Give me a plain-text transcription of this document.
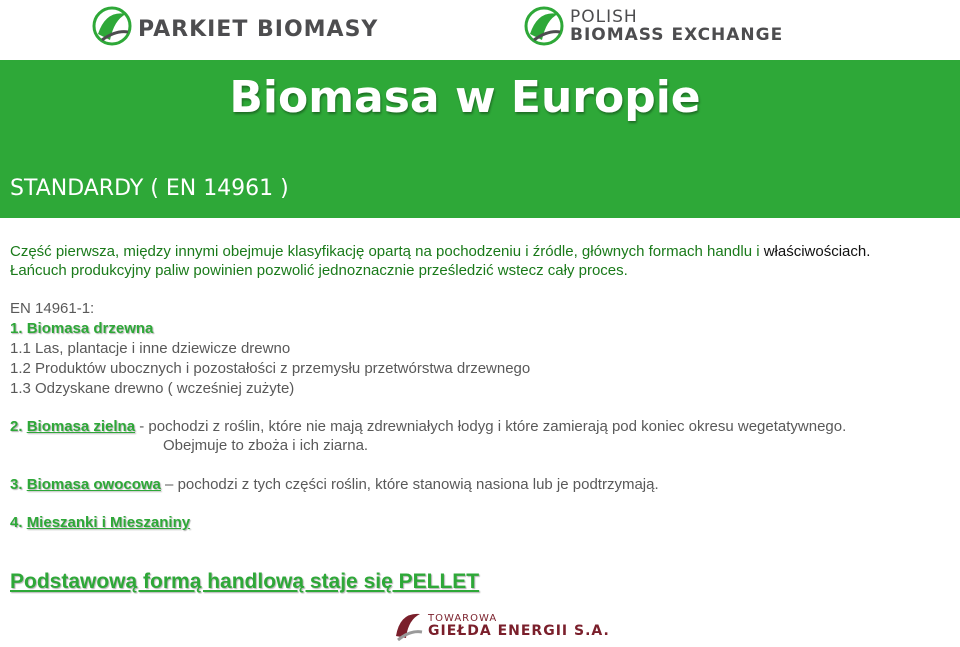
PARKIET BIOMASY	POLISH
BIOMASS EXCHANGE
Biomasa w Europie
STANDARDY ( EN 14961 )

Część pierwsza, między innymi obejmuje klasyfikację opartą na pochodzeniu i źródle, głównych formach handlu i właściwościach. Łańcuch produkcyjny paliw powinien pozwolić jednoznacznie prześledzić wstecz cały proces.

EN 14961-1:
1. Biomasa drzewna
1.1 Las, plantacje i inne dziewicze drewno
1.2 Produktów ubocznych i pozostałości z przemysłu przetwórstwa drzewnego
1.3 Odzyskane drewno ( wcześniej zużyte)
2. Biomasa zielna - pochodzi z roślin, które nie mają zdrewniałych łodyg i które zamierają pod koniec okresu wegetatywnego.
Obejmuje to zboża i ich ziarna.
3. Biomasa owocowa – pochodzi z tych części roślin, które stanowią nasiona lub je podtrzymają.
4. Mieszanki i Mieszaniny
Podstawową formą handlową staje się PELLET
TOWAROWA
GIEŁDA ENERGII S.A.
